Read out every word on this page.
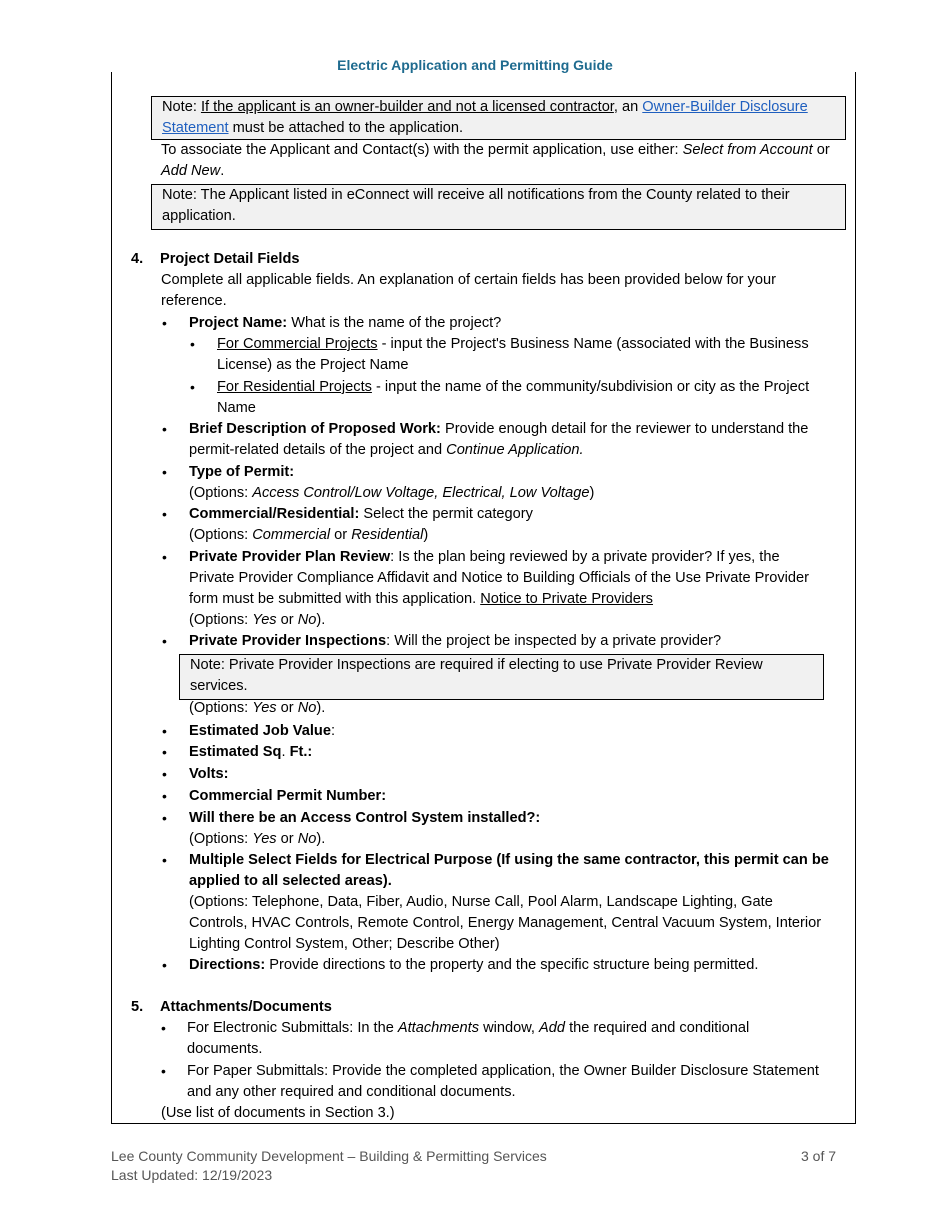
Electric Application and Permitting Guide
Note: If the applicant is an owner-builder and not a licensed contractor, an Owner-Builder Disclosure Statement must be attached to the application.
To associate the Applicant and Contact(s) with the permit application, use either: Select from Account or Add New.
Note: The Applicant listed in eConnect will receive all notifications from the County related to their application.
4. Project Detail Fields
Complete all applicable fields. An explanation of certain fields has been provided below for your reference.
• Project Name: What is the name of the project?
• For Commercial Projects - input the Project's Business Name (associated with the Business License) as the Project Name
• For Residential Projects - input the name of the community/subdivision or city as the Project Name
• Brief Description of Proposed Work: Provide enough detail for the reviewer to understand the permit-related details of the project and Continue Application.
• Type of Permit:
(Options: Access Control/Low Voltage, Electrical, Low Voltage)
• Commercial/Residential: Select the permit category
(Options: Commercial or Residential)
• Private Provider Plan Review: Is the plan being reviewed by a private provider? If yes, the Private Provider Compliance Affidavit and Notice to Building Officials of the Use Private Provider form must be submitted with this application. Notice to Private Providers
(Options: Yes or No).
• Private Provider Inspections: Will the project be inspected by a private provider?
Note: Private Provider Inspections are required if electing to use Private Provider Review services.
(Options: Yes or No).
• Estimated Job Value:
• Estimated Sq. Ft.:
• Volts:
• Commercial Permit Number:
• Will there be an Access Control System installed?:
(Options: Yes or No).
• Multiple Select Fields for Electrical Purpose (If using the same contractor, this permit can be applied to all selected areas).
(Options: Telephone, Data, Fiber, Audio, Nurse Call, Pool Alarm, Landscape Lighting, Gate Controls, HVAC Controls, Remote Control, Energy Management, Central Vacuum System, Interior Lighting Control System, Other; Describe Other)
• Directions: Provide directions to the property and the specific structure being permitted.
5. Attachments/Documents
• For Electronic Submittals: In the Attachments window, Add the required and conditional documents.
• For Paper Submittals: Provide the completed application, the Owner Builder Disclosure Statement and any other required and conditional documents.
(Use list of documents in Section 3.)
Lee County Community Development – Building & Permitting Services
Last Updated: 12/19/2023
3 of 7
